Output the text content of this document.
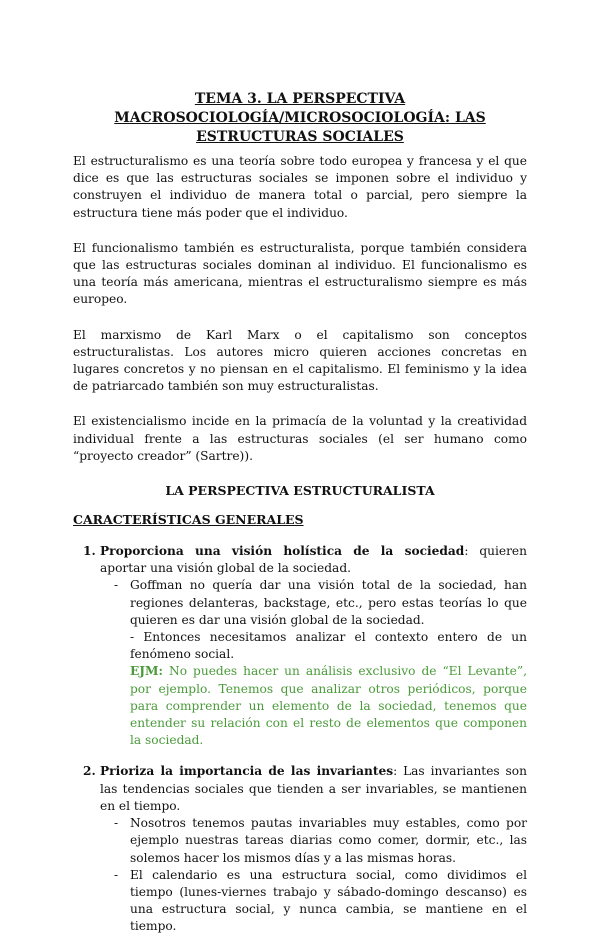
TEMA 3. LA PERSPECTIVA
MACROSOCIOLOGÍA/MICROSOCIOLOGÍA: LAS
ESTRUCTURAS SOCIALES

El estructuralismo es una teoría sobre todo europea y francesa y el que dice es que las estructuras sociales se imponen sobre el individuo y construyen el individuo de manera total o parcial, pero siempre la estructura tiene más poder que el individuo.

El funcionalismo también es estructuralista, porque también considera que las estructuras sociales dominan al individuo. El funcionalismo es una teoría más americana, mientras el estructuralismo siempre es más europeo.

El marxismo de Karl Marx o el capitalismo son conceptos estructuralistas. Los autores micro quieren acciones concretas en lugares concretos y no piensan en el capitalismo. El feminismo y la idea de patriarcado también son muy estructuralistas.

El existencialismo incide en la primacía de la voluntad y la creatividad individual frente a las estructuras sociales (el ser humano como “proyecto creador” (Sartre)).

LA PERSPECTIVA ESTRUCTURALISTA
CARACTERÍSTICAS GENERALES
1. Proporciona una visión holística de la sociedad: quieren aportar una visión global de la sociedad.
- Goffman no quería dar una visión total de la sociedad, han regiones delanteras, backstage, etc., pero estas teorías lo que quieren es dar una visión global de la sociedad.
- Entonces necesitamos analizar el contexto entero de un fenómeno social.
EJM: No puedes hacer un análisis exclusivo de “El Levante”, por ejemplo. Tenemos que analizar otros periódicos, porque para comprender un elemento de la sociedad, tenemos que entender su relación con el resto de elementos que componen la sociedad.
2. Prioriza la importancia de las invariantes: Las invariantes son las tendencias sociales que tienden a ser invariables, se mantienen en el tiempo.
- Nosotros tenemos pautas invariables muy estables, como por ejemplo nuestras tareas diarias como comer, dormir, etc., las solemos hacer los mismos días y a las mismas horas.
- El calendario es una estructura social, como dividimos el tiempo (lunes-viernes trabajo y sábado-domingo descanso) es una estructura social, y nunca cambia, se mantiene en el tiempo.
